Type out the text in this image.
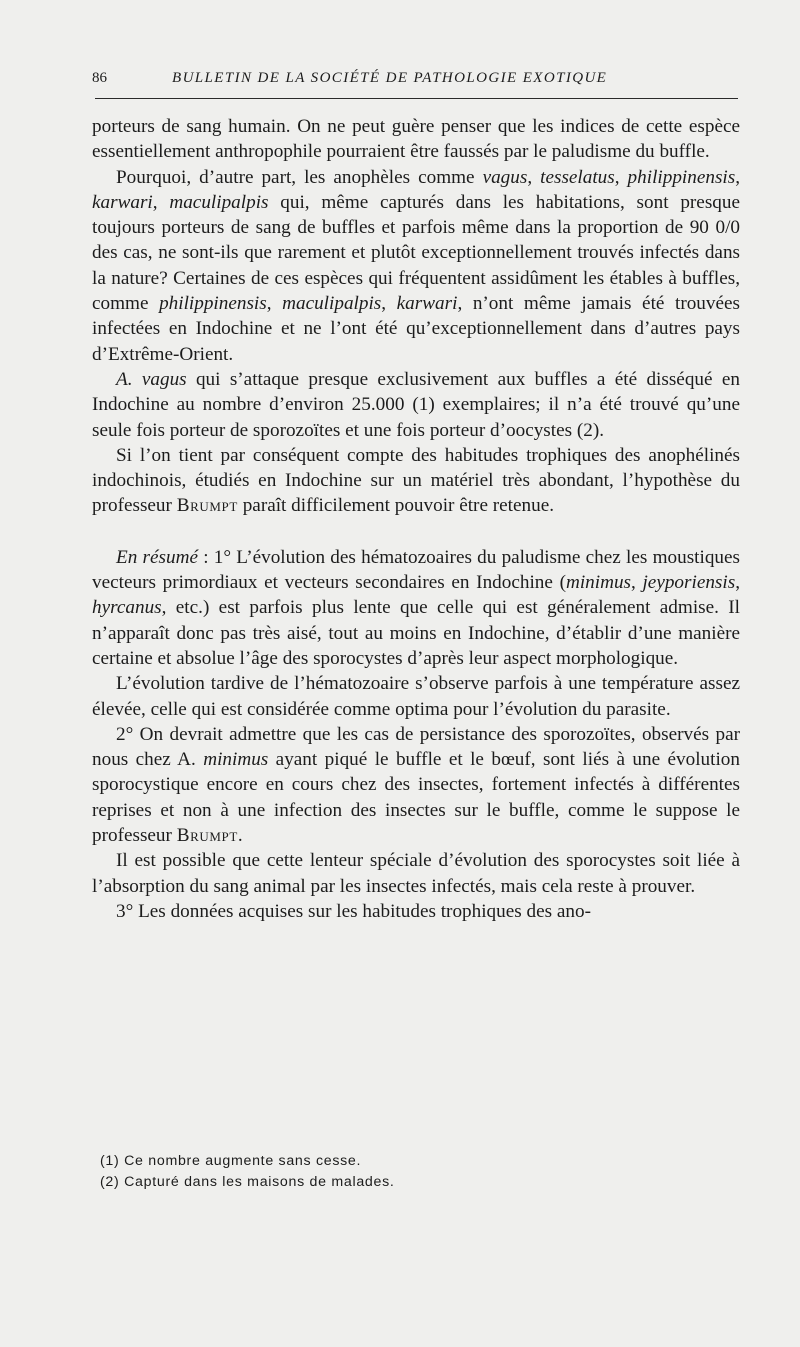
86	BULLETIN DE LA SOCIÉTÉ DE PATHOLOGIE EXOTIQUE

porteurs de sang humain. On ne peut guère penser que les indices de cette espèce essentiellement anthropophile pourraient être faussés par le paludisme du buffle.

Pourquoi, d’autre part, les anophèles comme vagus, tesselatus, philippinensis, karwari, maculipalpis qui, même capturés dans les habitations, sont presque toujours porteurs de sang de buffles et parfois même dans la proportion de 90 0/0 des cas, ne sont-ils que rarement et plutôt exceptionnellement trouvés infectés dans la nature? Certaines de ces espèces qui fréquentent assidûment les étables à buffles, comme philippinensis, maculipalpis, karwari, n’ont même jamais été trouvées infectées en Indochine et ne l’ont été qu’exceptionnellement dans d’autres pays d’Extrême-Orient.

A. vagus qui s’attaque presque exclusivement aux buffles a été disséqué en Indochine au nombre d’environ 25.000 (1) exemplaires; il n’a été trouvé qu’une seule fois porteur de sporozoïtes et une fois porteur d’oocystes (2).

Si l’on tient par conséquent compte des habitudes trophiques des anophélinés indochinois, étudiés en Indochine sur un matériel très abondant, l’hypothèse du professeur Brumpt paraît difficilement pouvoir être retenue.

En résumé : 1° L’évolution des hématozoaires du paludisme chez les moustiques vecteurs primordiaux et vecteurs secondaires en Indochine (minimus, jeyporiensis, hyrcanus, etc.) est parfois plus lente que celle qui est généralement admise. Il n’apparaît donc pas très aisé, tout au moins en Indochine, d’établir d’une manière certaine et absolue l’âge des sporocystes d’après leur aspect morphologique.

L’évolution tardive de l’hématozoaire s’observe parfois à une température assez élevée, celle qui est considérée comme optima pour l’évolution du parasite.

2° On devrait admettre que les cas de persistance des sporozoïtes, observés par nous chez A. minimus ayant piqué le buffle et le bœuf, sont liés à une évolution sporocystique encore en cours chez des insectes, fortement infectés à différentes reprises et non à une infection des insectes sur le buffle, comme le suppose le professeur Brumpt.

Il est possible que cette lenteur spéciale d’évolution des sporocystes soit liée à l’absorption du sang animal par les insectes infectés, mais cela reste à prouver.

3° Les données acquises sur les habitudes trophiques des ano-

(1) Ce nombre augmente sans cesse.

(2) Capturé dans les maisons de malades.
